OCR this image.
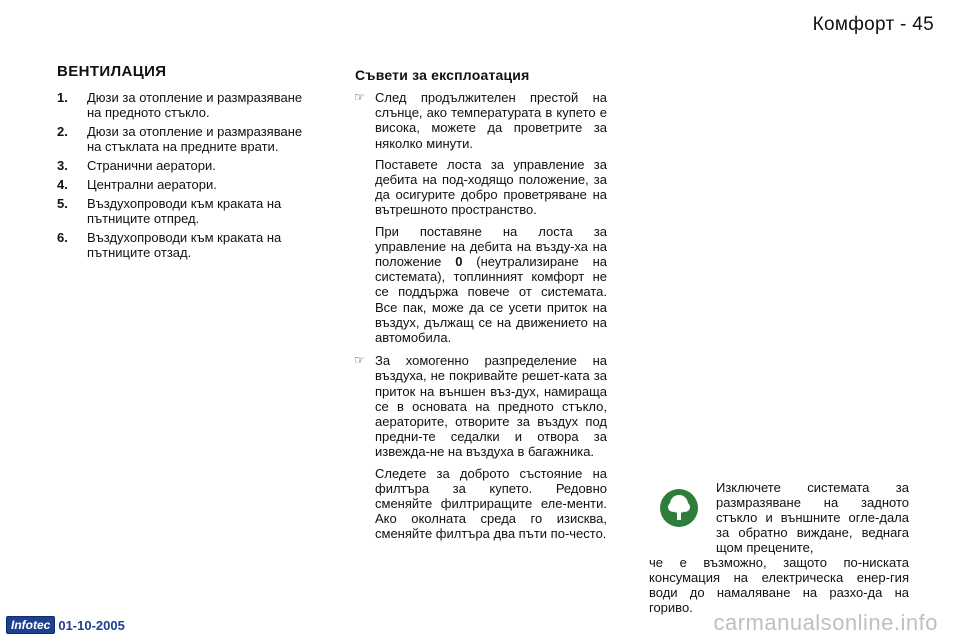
Комфорт - 45
ВЕНТИЛАЦИЯ
1. Дюзи за отопление и размразяване на предното стъкло.
2. Дюзи за отопление и размразяване на стъклата на предните врати.
3. Странични аератори.
4. Централни аератори.
5. Въздухопроводи към краката на пътниците отпред.
6. Въздухопроводи към краката на пътниците отзад.
Съвети за експлоатация
☞ След продължителен престой на слънце, ако температурата в купето е висока, можете да проветрите за няколко минути.

Поставете лоста за управление за дебита на под-ходящо положение, за да осигурите добро проветряване на вътрешното пространство.

При поставяне на лоста за управление на дебита на възду-ха на положение 0 (неутрализиране на системата), топлинният комфорт не се поддържа повече от системата. Все пак, може да се усети приток на въздух, дължащ се на движението на автомобила.

☞ За хомогенно разпределение на въздуха, не покривайте решет-ката за приток на външен въз-дух, намираща се в основата на предното стъкло, аераторите, отворите за въздух под предни-те седалки и отвора за извежда-не на въздуха в багажника.

Следете за доброто състояние на филтъра за купето. Редовно сменяйте филтриращите еле-менти. Ако околната среда го изисква, сменяйте филтъра два пъти по-често.

Изключете системата за размразяване на задното стъкло и външните огле-дала за обратно виждане, веднага щом прецените,

че е възможно, защото по-ниската консумация на електрическа енер-гия води до намаляване на разхо-да на гориво.

Infotec 01-10-2005	carmanualsonline.info
